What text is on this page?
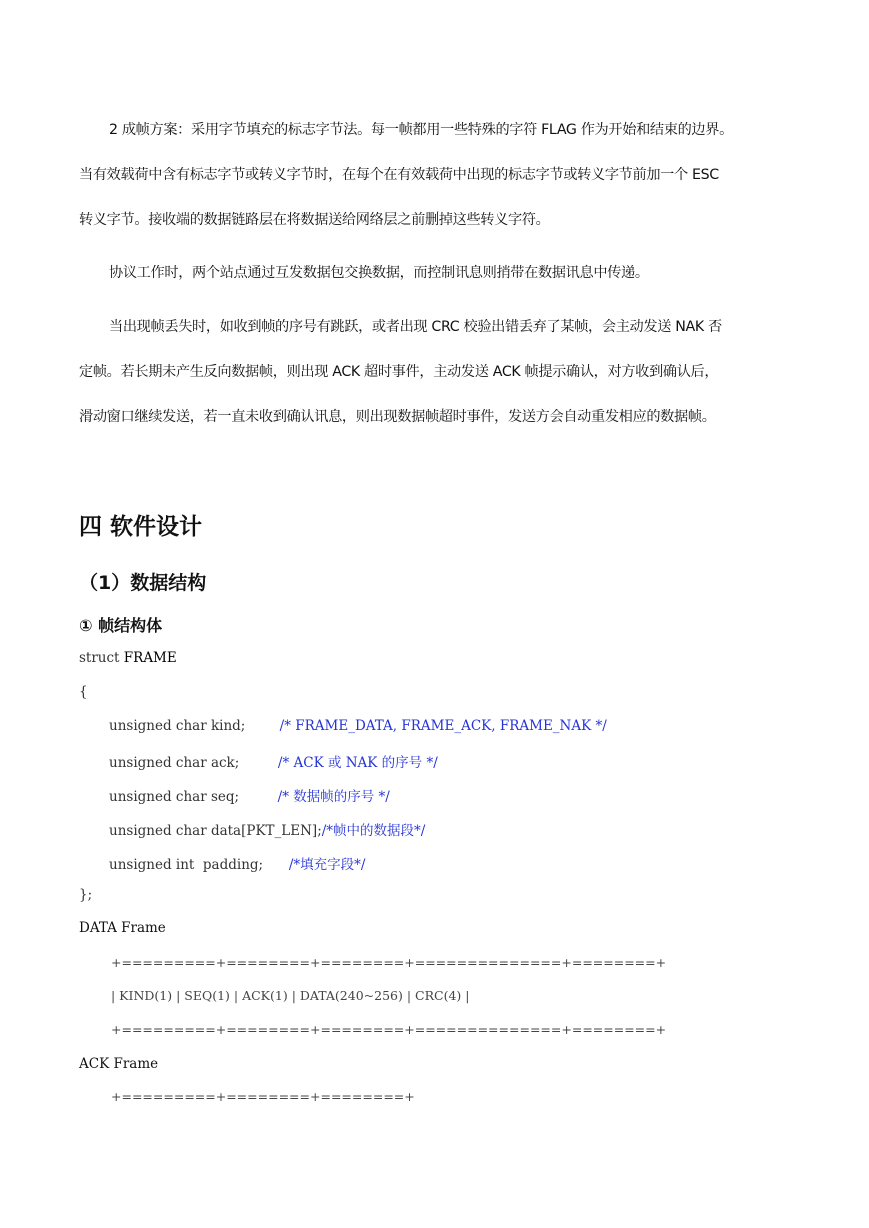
2 成帧方案：采用字节填充的标志字节法。每一帧都用一些特殊的字符 FLAG 作为开始和结束的边界。
当有效载荷中含有标志字节或转义字节时，在每个在有效载荷中出现的标志字节或转义字节前加一个 ESC
转义字节。接收端的数据链路层在将数据送给网络层之前删掉这些转义字符。
协议工作时，两个站点通过互发数据包交换数据，而控制讯息则捎带在数据讯息中传递。
当出现帧丢失时，如收到帧的序号有跳跃，或者出现 CRC 校验出错丢弃了某帧，会主动发送 NAK 否
定帧。若长期未产生反向数据帧，则出现 ACK 超时事件，主动发送 ACK 帧提示确认，对方收到确认后，
滑动窗口继续发送，若一直未收到确认讯息，则出现数据帧超时事件，发送方会自动重发相应的数据帧。
四 软件设计
（1）数据结构
① 帧结构体
struct FRAME
{
unsigned char kind;        /* FRAME_DATA, FRAME_ACK, FRAME_NAK */
unsigned char ack;         /* ACK 或 NAK 的序号 */
unsigned char seq;         /* 数据帧的序号 */
unsigned char data[PKT_LEN];/*帧中的数据段*/
unsigned int  padding;      /*填充字段*/
};
DATA Frame
+=========+========+========+==============+========+
| KIND(1) | SEQ(1) | ACK(1) | DATA(240~256) | CRC(4) |
+=========+========+========+==============+========+
ACK Frame
+=========+========+========+
